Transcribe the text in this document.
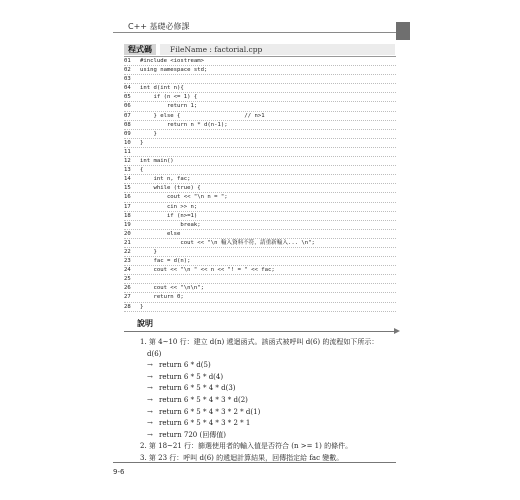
C++ 基礎必修課
程式碼	FileName : factorial.cpp
01 #include <iostream>
02 using namespace std;
03
04 int d(int n){
05    if (n <= 1) {
06        return 1;
07    } else {                   // n>1
08        return n * d(n-1);
09    }
10 }
11
12 int main()
13 {
14    int n, fac;
15    while (true) {
16        cout << "\n n = ";
17        cin >> n;
18        if (n>=1)
19            break;
20        else
21            cout << "\n 輸入資料不符，請重新輸入... \n";
22    }
23    fac = d(n);
24    cout << "\n " << n << "! = " << fac;
25
26    cout << "\n\n";
27    return 0;
28 }
說明
1. 第 4~10 行：建立 d(n) 遞迴函式。該函式被呼叫 d(6) 的流程如下所示：
d(6)
→ return 6 * d(5)
→ return 6 * 5 * d(4)
→ return 6 * 5 * 4 * d(3)
→ return 6 * 5 * 4 * 3 * d(2)
→ return 6 * 5 * 4 * 3 * 2 * d(1)
→ return 6 * 5 * 4 * 3 * 2 * 1
→ return 720 (回傳值)
2. 第 18~21 行：篩選使用者的輸入值是否符合 (n >= 1) 的條件。
3. 第 23 行：呼叫 d(6) 的遞迴計算結果，回傳指定給 fac 變數。
9-6
